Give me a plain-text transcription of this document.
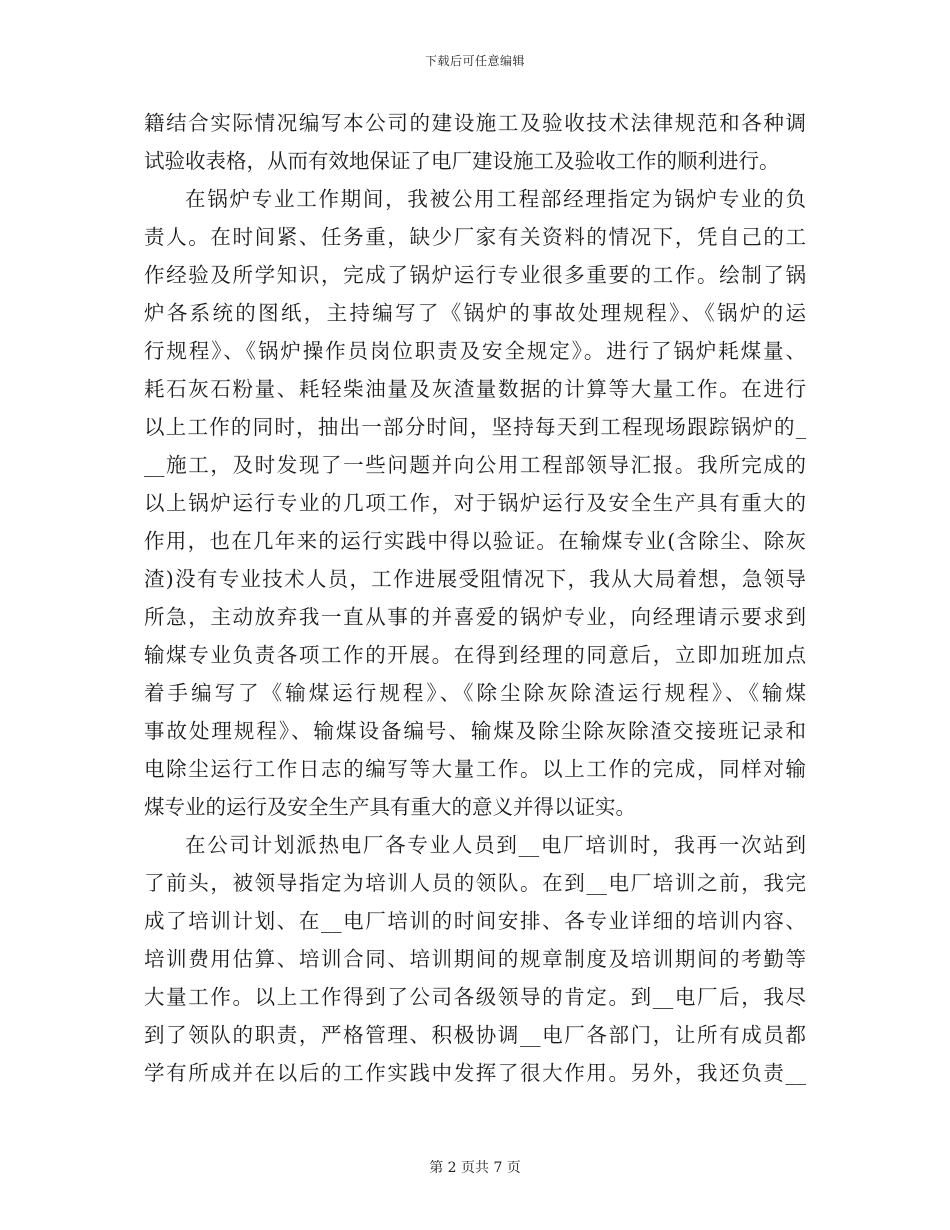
下载后可任意编辑
籍结合实际情况编写本公司的建设施工及验收技术法律规范和各种调
试验收表格，从而有效地保证了电厂建设施工及验收工作的顺利进行。
在锅炉专业工作期间，我被公用工程部经理指定为锅炉专业的负
责人。在时间紧、任务重，缺少厂家有关资料的情况下，凭自己的工
作经验及所学知识，完成了锅炉运行专业很多重要的工作。绘制了锅
炉各系统的图纸，主持编写了《锅炉的事故处理规程》、《锅炉的运
行规程》、《锅炉操作员岗位职责及安全规定》。进行了锅炉耗煤量、
耗石灰石粉量、耗轻柴油量及灰渣量数据的计算等大量工作。在进行
以上工作的同时，抽出一部分时间，坚持每天到工程现场跟踪锅炉的_
__施工，及时发现了一些问题并向公用工程部领导汇报。我所完成的
以上锅炉运行专业的几项工作，对于锅炉运行及安全生产具有重大的
作用，也在几年来的运行实践中得以验证。在输煤专业(含除尘、除灰
渣)没有专业技术人员，工作进展受阻情况下，我从大局着想，急领导
所急，主动放弃我一直从事的并喜爱的锅炉专业，向经理请示要求到
输煤专业负责各项工作的开展。在得到经理的同意后，立即加班加点
着手编写了《输煤运行规程》、《除尘除灰除渣运行规程》、《输煤
事故处理规程》、输煤设备编号、输煤及除尘除灰除渣交接班记录和
电除尘运行工作日志的编写等大量工作。以上工作的完成，同样对输
煤专业的运行及安全生产具有重大的意义并得以证实。
在公司计划派热电厂各专业人员到__电厂培训时，我再一次站到
了前头，被领导指定为培训人员的领队。在到__电厂培训之前，我完
成了培训计划、在__电厂培训的时间安排、各专业详细的培训内容、
培训费用估算、培训合同、培训期间的规章制度及培训期间的考勤等
大量工作。以上工作得到了公司各级领导的肯定。到__电厂后，我尽
到了领队的职责，严格管理、积极协调__电厂各部门，让所有成员都
学有所成并在以后的工作实践中发挥了很大作用。另外，我还负责__
第 2 页共 7 页
